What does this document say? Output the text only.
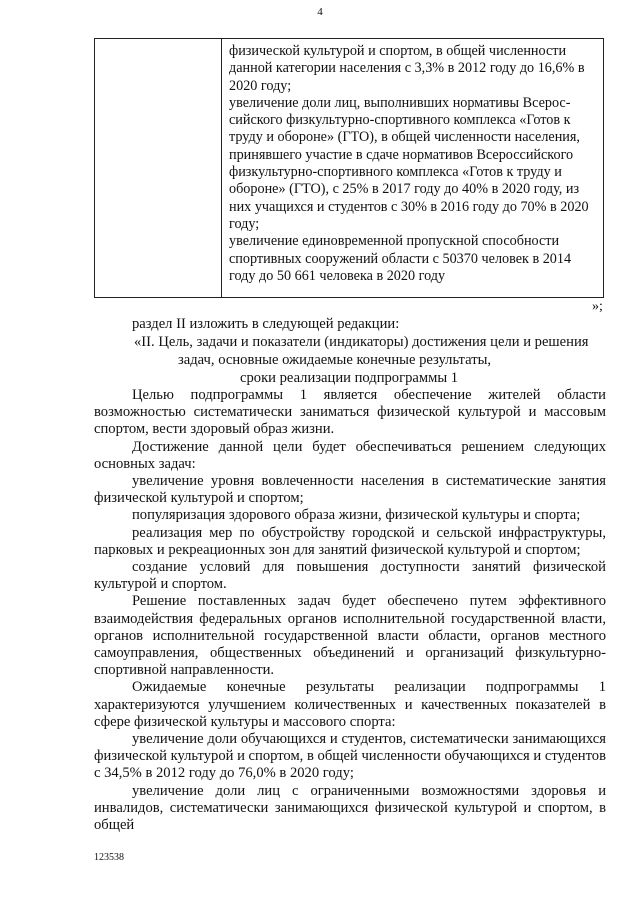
4

физической культурой и спортом, в общей численности данной категории населения с 3,3% в 2012 году до 16,6% в 2020 году;

увеличение доли лиц, выполнивших нормативы Всерос-сийского физкультурно-спортивного комплекса «Готов к труду и обороне» (ГТО), в общей численности населения, принявшего участие в сдаче нормативов Всероссийского физкультурно-спортивного комплекса «Готов к труду и обороне» (ГТО), с 25% в 2017 году до 40% в 2020 году, из них учащихся и студентов с 30% в 2016 году до 70% в 2020 году;

увеличение единовременной пропускной способности спортивных сооружений области с 50370 человек в 2014 году до 50 661 человека в 2020 году

»;
раздел II изложить в следующей редакции:
«II. Цель, задачи и показатели (индикаторы) достижения цели и решения
задач, основные ожидаемые конечные результаты,
сроки реализации подпрограммы 1

Целью подпрограммы 1 является обеспечение жителей области возможностью систематически заниматься физической культурой и массовым спортом, вести здоровый образ жизни.

Достижение данной цели будет обеспечиваться решением следующих основных задач:

увеличение уровня вовлеченности населения в систематические занятия физической культурой и спортом;

популяризация здорового образа жизни, физической культуры и спорта;

реализация мер по обустройству городской и сельской инфраструктуры, парковых и рекреационных зон для занятий физической культурой и спортом;

создание условий для повышения доступности занятий физической культурой и спортом.

Решение поставленных задач будет обеспечено путем эффективного взаимодействия федеральных органов исполнительной государственной власти, органов исполнительной государственной власти области, органов местного самоуправления, общественных объединений и организаций физкультурно-спортивной направленности.

Ожидаемые конечные результаты реализации подпрограммы 1 характеризуются улучшением количественных и качественных показателей в сфере физической культуры и массового спорта:

увеличение доли обучающихся и студентов, систематически занимающихся физической культурой и спортом, в общей численности обучающихся и студентов с 34,5% в 2012 году до 76,0% в 2020 году;

увеличение доли лиц с ограниченными возможностями здоровья и инвалидов, систематически занимающихся физической культурой и спортом, в общей

123538
